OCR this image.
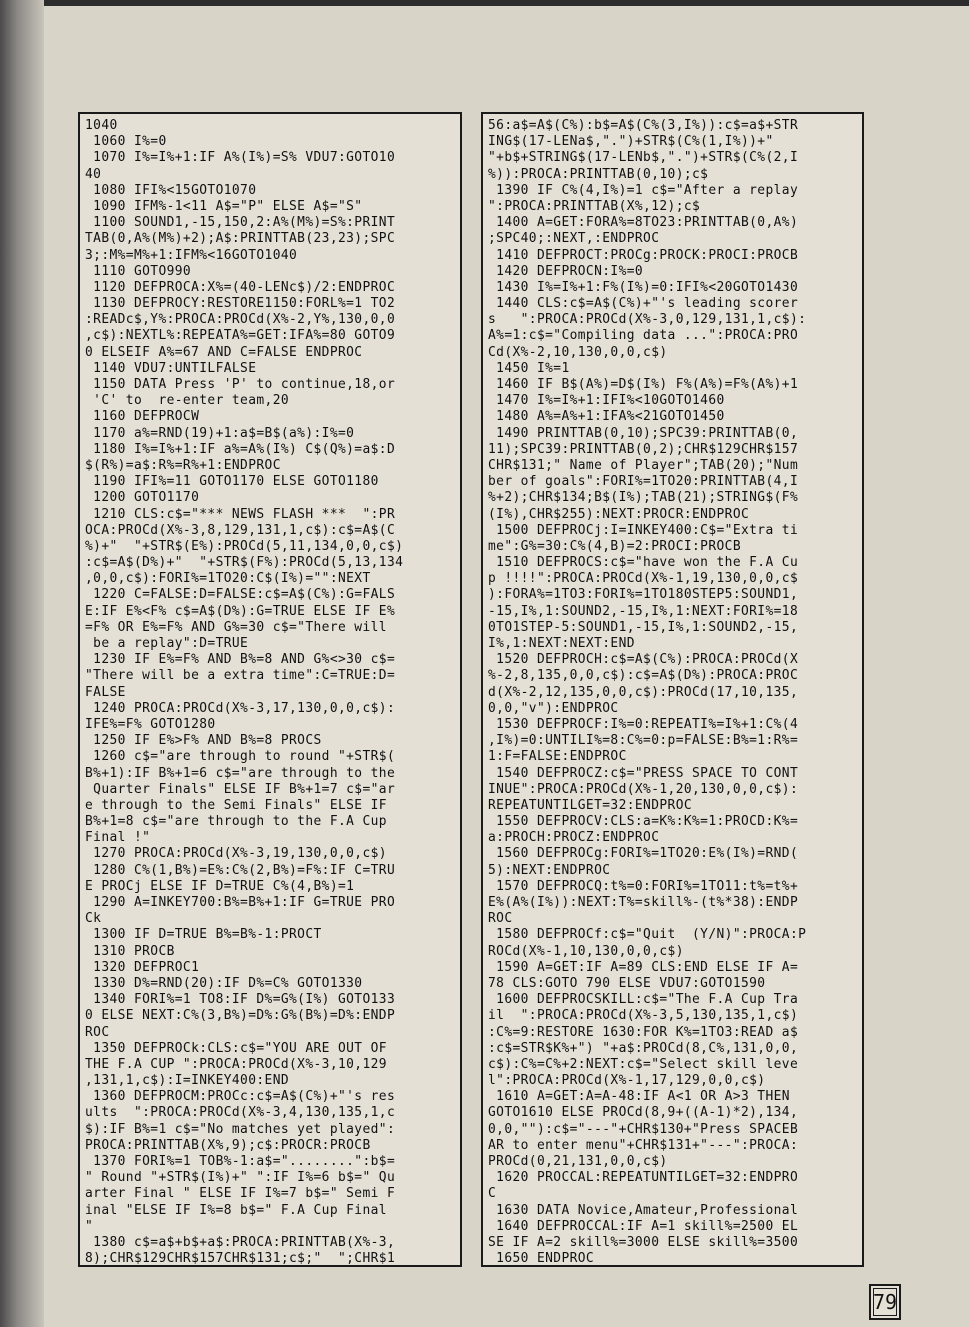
1040
1060 I%=0
1070 I%=I%+1:IF A%(I%)=S% VDU7:GOTO10
40
1080 IFI%<15GOTO1070
1090 IFM%-1<11 A$="P" ELSE A$="S"
1100 SOUND1,-15,150,2:A%(M%)=S%:PRINT
TAB(0,A%(M%)+2);A$:PRINTTAB(23,23);SPC
3;:M%=M%+1:IFM%<16GOTO1040
1110 GOTO990
1120 DEFPROCA:X%=(40-LENc$)/2:ENDPROC
1130 DEFPROCY:RESTORE1150:FORL%=1 TO2
:READc$,Y%:PROCA:PROCd(X%-2,Y%,130,0,0
,c$):NEXTL%:REPEATA%=GET:IFA%=80 GOTO9
0 ELSEIF A%=67 AND C=FALSE ENDPROC
1140 VDU7:UNTILFALSE
1150 DATA Press 'P' to continue,18,or
'C' to  re-enter team,20
1160 DEFPROCW
1170 a%=RND(19)+1:a$=B$(a%):I%=0
1180 I%=I%+1:IF a%=A%(I%) C$(Q%)=a$:D
$(R%)=a$:R%=R%+1:ENDPROC
1190 IFI%=11 GOTO1170 ELSE GOTO1180
1200 GOTO1170
1210 CLS:c$="*** NEWS FLASH ***  ":PR
OCA:PROCd(X%-3,8,129,131,1,c$):c$=A$(C
%)+"  "+STR$(E%):PROCd(5,11,134,0,0,c$)
:c$=A$(D%)+"  "+STR$(F%):PROCd(5,13,134
,0,0,c$):FORI%=1TO20:C$(I%)="":NEXT
1220 C=FALSE:D=FALSE:c$=A$(C%):G=FALS
E:IF E%<F% c$=A$(D%):G=TRUE ELSE IF E%
=F% OR E%=F% AND G%=30 c$="There will
be a replay":D=TRUE
1230 IF E%=F% AND B%=8 AND G%<>30 c$=
"There will be a extra time":C=TRUE:D=
FALSE
1240 PROCA:PROCd(X%-3,17,130,0,0,c$):
IFE%=F% GOTO1280
1250 IF E%>F% AND B%=8 PROCS
1260 c$="are through to round "+STR$(
B%+1):IF B%+1=6 c$="are through to the
Quarter Finals" ELSE IF B%+1=7 c$="ar
e through to the Semi Finals" ELSE IF
B%+1=8 c$="are through to the F.A Cup
Final !"
1270 PROCA:PROCd(X%-3,19,130,0,0,c$)
1280 C%(1,B%)=E%:C%(2,B%)=F%:IF C=TRU
E PROCj ELSE IF D=TRUE C%(4,B%)=1
1290 A=INKEY700:B%=B%+1:IF G=TRUE PRO
Ck
1300 IF D=TRUE B%=B%-1:PROCT
1310 PROCB
1320 DEFPROC1
1330 D%=RND(20):IF D%=C% GOTO1330
1340 FORI%=1 TO8:IF D%=G%(I%) GOTO133
0 ELSE NEXT:C%(3,B%)=D%:G%(B%)=D%:ENDP
ROC
1350 DEFPROCk:CLS:c$="YOU ARE OUT OF
THE F.A CUP ":PROCA:PROCd(X%-3,10,129
,131,1,c$):I=INKEY400:END
1360 DEFPROCM:PROCc:c$=A$(C%)+"'s res
ults  ":PROCA:PROCd(X%-3,4,130,135,1,c
$):IF B%=1 c$="No matches yet played":
PROCA:PRINTTAB(X%,9);c$:PROCR:PROCB
1370 FORI%=1 TOB%-1:a$="........":b$=
" Round "+STR$(I%)+" ":IF I%=6 b$=" Qu
arter Final " ELSE IF I%=7 b$=" Semi F
inal "ELSE IF I%=8 b$=" F.A Cup Final
"
1380 c$=a$+b$+a$:PROCA:PRINTTAB(X%-3,
8);CHR$129CHR$157CHR$131;c$;"  ";CHR$1
56:a$=A$(C%):b$=A$(C%(3,I%)):c$=a$+STR
ING$(17-LENa$,".")+STR$(C%(1,I%))+"
"+b$+STRING$(17-LENb$,".")+STR$(C%(2,I
%)):PROCA:PRINTTAB(0,10);c$
1390 IF C%(4,I%)=1 c$="After a replay
":PROCA:PRINTTAB(X%,12);c$
1400 A=GET:FORA%=8TO23:PRINTTAB(0,A%)
;SPC40;:NEXT,:ENDPROC
1410 DEFPROCT:PROCg:PROCK:PROCI:PROCB
1420 DEFPROCN:I%=0
1430 I%=I%+1:F%(I%)=0:IFI%<20GOTO1430
1440 CLS:c$=A$(C%)+"'s leading scorer
s   ":PROCA:PROCd(X%-3,0,129,131,1,c$):
A%=1:c$="Compiling data ...":PROCA:PRO
Cd(X%-2,10,130,0,0,c$)
1450 I%=1
1460 IF B$(A%)=D$(I%) F%(A%)=F%(A%)+1
1470 I%=I%+1:IFI%<10GOTO1460
1480 A%=A%+1:IFA%<21GOTO1450
1490 PRINTTAB(0,10);SPC39:PRINTTAB(0,
11);SPC39:PRINTTAB(0,2);CHR$129CHR$157
CHR$131;" Name of Player";TAB(20);"Num
ber of goals":FORI%=1TO20:PRINTTAB(4,I
%+2);CHR$134;B$(I%);TAB(21);STRING$(F%
(I%),CHR$255):NEXT:PROCR:ENDPROC
1500 DEFPROCj:I=INKEY400:C$="Extra ti
me":G%=30:C%(4,B)=2:PROCI:PROCB
1510 DEFPROCS:c$="have won the F.A Cu
p !!!!":PROCA:PROCd(X%-1,19,130,0,0,c$
):FORA%=1TO3:FORI%=1TO180STEP5:SOUND1,
-15,I%,1:SOUND2,-15,I%,1:NEXT:FORI%=18
0TO1STEP-5:SOUND1,-15,I%,1:SOUND2,-15,
I%,1:NEXT:NEXT:END
1520 DEFPROCH:c$=A$(C%):PROCA:PROCd(X
%-2,8,135,0,0,c$):c$=A$(D%):PROCA:PROC
d(X%-2,12,135,0,0,c$):PROCd(17,10,135,
0,0,"v"):ENDPROC
1530 DEFPROCF:I%=0:REPEATI%=I%+1:C%(4
,I%)=0:UNTILI%=8:C%=0:p=FALSE:B%=1:R%=
1:F=FALSE:ENDPROC
1540 DEFPROCZ:c$="PRESS SPACE TO CONT
INUE":PROCA:PROCd(X%-1,20,130,0,0,c$):
REPEATUNTILGET=32:ENDPROC
1550 DEFPROCV:CLS:a=K%:K%=1:PROCD:K%=
a:PROCH:PROCZ:ENDPROC
1560 DEFPROCg:FORI%=1TO20:E%(I%)=RND(
5):NEXT:ENDPROC
1570 DEFPROCQ:t%=0:FORI%=1TO11:t%=t%+
E%(A%(I%)):NEXT:T%=skill%-(t%*38):ENDP
ROC
1580 DEFPROCf:c$="Quit  (Y/N)":PROCA:P
ROCd(X%-1,10,130,0,0,c$)
1590 A=GET:IF A=89 CLS:END ELSE IF A=
78 CLS:GOTO 790 ELSE VDU7:GOTO1590
1600 DEFPROCSKILL:c$="The F.A Cup Tra
il  ":PROCA:PROCd(X%-3,5,130,135,1,c$)
:C%=9:RESTORE 1630:FOR K%=1TO3:READ a$
:c$=STR$K%+") "+a$:PROCd(8,C%,131,0,0,
c$):C%=C%+2:NEXT:c$="Select skill leve
l":PROCA:PROCd(X%-1,17,129,0,0,c$)
1610 A=GET:A=A-48:IF A<1 OR A>3 THEN
GOTO1610 ELSE PROCd(8,9+((A-1)*2),134,
0,0,""):c$="---"+CHR$130+"Press SPACEB
AR to enter menu"+CHR$131+"---":PROCA:
PROCd(0,21,131,0,0,c$)
1620 PROCCAL:REPEATUNTILGET=32:ENDPRO
C
1630 DATA Novice,Amateur,Professional
1640 DEFPROCCAL:IF A=1 skill%=2500 EL
SE IF A=2 skill%=3000 ELSE skill%=3500
1650 ENDPROC
79
